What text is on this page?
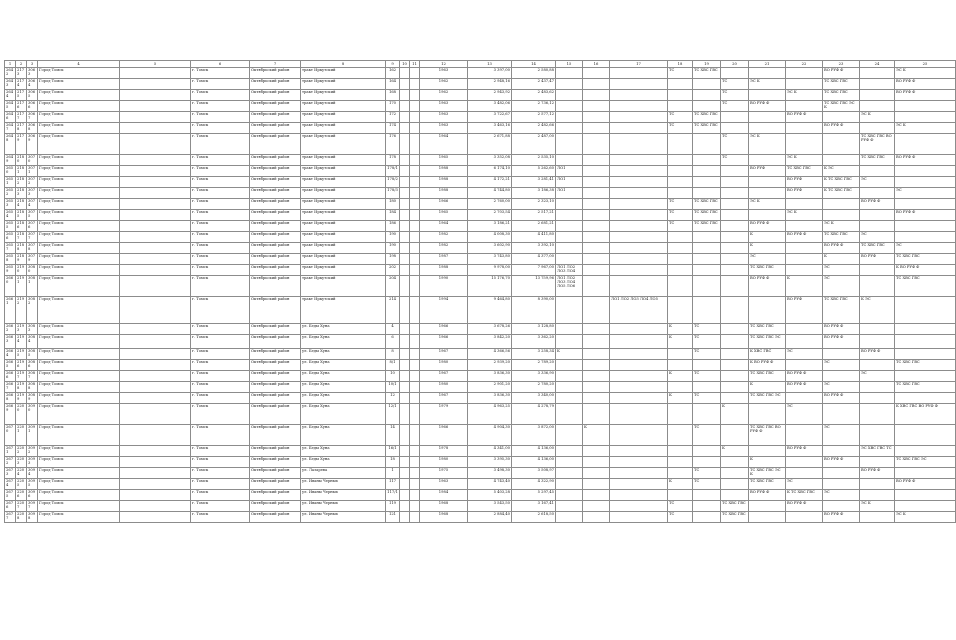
1	2	3	4	5	6	7	8	9	10	11	12	13	14	15	16	17	18	19	20	21	22	23	24	25
2642	2173	3063	Город Томск		г. Томск	Октябрьский район	тракт Иркутский	162			1963	3 397,00	2 580,88				ТС	ТС ХВС ГВС				ВО РУФ Ф		ЭС К
2643	2174	3064	Город Томск		г. Томск	Октябрьский район	тракт Иркутский	164			1962	2 948,16	2 437,47						ТС	ЭС К		ТС ХВС ГВС		ВО РУФ Ф
2644	2175	3065	Город Томск		г. Томск	Октябрьский район	тракт Иркутский	168			1962	2 943,92	2 483,62						ТС		ЭС К	ТС ХВС ГВС		ВО РУФ Ф
2645	2176	3066	Город Томск		г. Томск	Октябрьский район	тракт Иркутский	170			1963	3 482,06	2 736,12						ТС	ВО РУФ Ф		ТС ХВС ГВС ЭС К		
2646	2177	3067	Город Томск		г. Томск	Октябрьский район	тракт Иркутский	172			1963	3 722,67	2 577,12				ТС	ТС ХВС ГВС			ВО РУФ Ф		ЭС К	
2647	2178	3068	Город Томск		г. Томск	Октябрьский район	тракт Иркутский	174			1963	3 463,16	2 482,66				ТС	ТС ХВС ГВС				ВО РУФ Ф		ЭС К
2648	2179	3069	Город Томск		г. Томск	Октябрьский район	тракт Иркутский	176			1964	2 671,88	2 487,00						ТС	ЭС К			ТС ХВС ГВС ВО РУФ Ф	
2649	2180	3070	Город Томск		г. Томск	Октябрьский район	тракт Иркутский	178			1965	3 352,08	2 535,10						ТС		ЭС К		ТС ХВС ГВС	ВО РУФ Ф
2650	2181	3071	Город Томск		г. Томск	Октябрьский район	тракт Иркутский	178/1			1988	6 174,10	5 262,60	ЛО1						ВО РУФ	ТС ХВС ГВС	К ЭС		
2651	2182	3072	Город Томск		г. Томск	Октябрьский район	тракт Иркутский	178/2			1988	4 172,21	3 281,41	ЛО1							ВО РУФ	К ТС ХВС ГВС	ЭС	
2652	2183	3073	Город Томск		г. Томск	Октябрьский район	тракт Иркутский	178/3			1988	4 744,80	3 186,38	ЛО1							ВО РУФ	К ТС ХВС ГВС		ЭС
2653	2184	3074	Город Томск		г. Томск	Октябрьский район	тракт Иркутский	180			1966	2 760,00	2 323,10				ТС	ТС ХВС ГВС		ЭС К			ВО РУФ Ф	
2654	2185	3075	Город Томск		г. Томск	Октябрьский район	тракт Иркутский	184			1965	2 703,54	2 517,21				ТС	ТС ХВС ГВС			ЭС К			ВО РУФ Ф
2655	2186	3076	Город Томск		г. Томск	Октябрьский район	тракт Иркутский	186			1964	3 186,21	2 681,21				ТС	ТС ХВС ГВС		ВО РУФ Ф		ЭС К		
2656	2187	3077	Город Томск		г. Томск	Октябрьский район	тракт Иркутский	190			1982	4 008,30	4 411,80							К	ВО РУФ Ф	ТС ХВС ГВС	ЭС	
2657	2188	3078	Город Томск		г. Томск	Октябрьский район	тракт Иркутский	190			1982	3 602,90	3 392,10							К		ВО РУФ Ф	ТС ХВС ГВС	ЭС
2658	2189	3079	Город Томск		г. Томск	Октябрьский район	тракт Иркутский	198			1987	3 743,80	4 377,00							ЭС		К	ВО РУФ	ТС ХВС ГВС
2659	2190	3080	Город Томск		г. Томск	Октябрьский район	тракт Иркутский	202			1988	9 978,00	7 967,00	ЛО1 ЛО2 ЛО3 ЛО4						ТС ХВС ГВС		ЭС		К ВО РУФ Ф
2660	2191	3081	Город Томск		г. Томск	Октябрьский район	тракт Иркутский	204			1990	15 176,70	13 759,96	ЛО1 ЛО2 ЛО3 ЛО4 ЛО5 ЛО6						ВО РУФ Ф	К	ЭС		ТС ХВС ГВС
2661	2192	3082	Город Томск		г. Томск	Октябрьский район	тракт Иркутский	214			1994	9 464,80	8 390,00			ЛО1 ЛО2 ЛО3 ЛО4 ЛО5					ВО РУФ	ТС ХВС ГВС	К ЭС	
2662	2193	3083	Город Томск		г. Томск	Октябрьский район	ул. Беды Хуна	4			1966	3 678,26	3 128,80				К	ТС		ТС ХВС ГВС		ВО РУФ Ф		
2663	2194	3084	Город Томск		г. Томск	Октябрьский район	ул. Беды Хуна	6			1966	3 842,20	3 362,20				К	ТС		ТС ХВС ГВС ЭС		ВО РУФ Ф		
2664	2195	3085	Город Томск		г. Томск	Октябрьский район	ул. Беды Хуна	8			1967	4 366,56	3 258,34	К				ТС		К ХВС ГВС	ЭС		ВО РУФ Ф	
2665	2196	3086	Город Томск		г. Томск	Октябрьский район	ул. Беды Хуна	8/1			1980	2 939,20	2 789,20							К ВО РУФ Ф		ЭС		ТС ХВС ГВС
2666	2197	3087	Город Томск		г. Томск	Октябрьский район	ул. Беды Хуна	10			1967	3 836,30	3 336,90				К	ТС		ТС ХВС ГВС	ВО РУФ Ф		ЭС	
2667	2198	3088	Город Томск		г. Томск	Октябрьский район	ул. Беды Хуна	10/1			1980	2 901,20	2 780,20							К	ВО РУФ Ф	ЭС		ТС ХВС ГВС
2668	2199	3089	Город Томск		г. Томск	Октябрьский район	ул. Беды Хуна	12			1967	3 836,30	3 340,00				К	ТС		ТС ХВС ГВС ЭС		ВО РУФ Ф		
2669	2200	3090	Город Томск		г. Томск	Октябрьский район	ул. Беды Хуна	12/1			1979	4 963,25	4 278,79						К		ЭС			К ХВС ГВС ВО РУФ Ф
2670	2201	3091	Город Томск		г. Томск	Октябрьский район	ул. Беды Хуна	14			1966	4 904,30	3 872,00		К			ТС		ТС ХВС ГВС ВО РУФ Ф		ЭС		
2671	2202	3092	Город Томск		г. Томск	Октябрьский район	ул. Беды Хуна	16/1			1978	4 341,00	4 136,00						К		ВО РУФ Ф		ЭС ХВС ГВС ТС	
2672	2203	3093	Город Томск		г. Томск	Октябрьский район	ул. Беды Хуна	18			1980	3 395,30	4 136,00							К		ВО РУФ Ф		ТС ХВС ГВС ЭС
2673	2204	3094	Город Томск		г. Томск	Октябрьский район	ул. Лазарева	1			1975	3 498,30	3 508,97					ТС		ТС ХВС ГВС ЭС К			ВО РУФ Ф	
2674	2205	3095	Город Томск		г. Томск	Октябрьский район	ул. Иваны Черных	117			1963	4 743,40	4 322,90				К	ТС		ТС ХВС ГВС	ЭС			ВО РУФ Ф
2675	2206	3096	Город Томск		г. Томск	Октябрьский район	ул. Иваны Черных	117/1			1984	5 403,28	5 297,45							ВО РУФ Ф	К ТС ХВС ГВС	ЭС		
2676	2207	3097	Город Томск		г. Томск	Октябрьский район	ул. Иваны Черных	119			1968	3 543,50	3 167,41				ТС		ТС ХВС ГВС		ВО РУФ Ф		ЭС К	
2677	2208	3098	Город Томск		г. Томск	Октябрьский район	ул. Иваны Черных	121			1968	2 884,40	2 618,50				ТС		ТС ХВС ГВС			ВО РУФ Ф		ЭС К
